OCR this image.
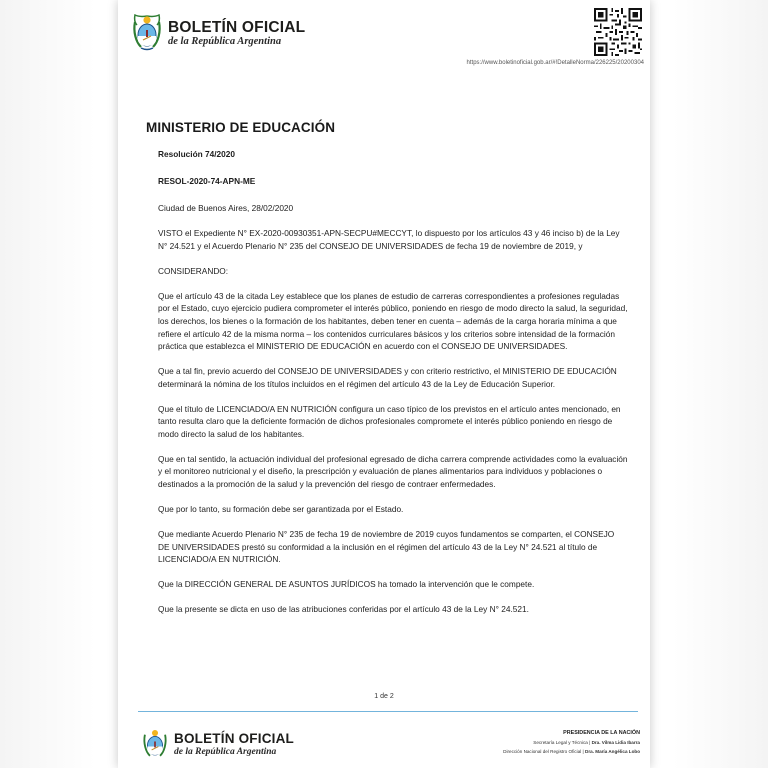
BOLETÍN OFICIAL
de la República Argentina
https://www.boletinoficial.gob.ar/#!DetalleNorma/226225/20200304
MINISTERIO DE EDUCACIÓN

Resolución 74/2020

RESOL-2020-74-APN-ME

Ciudad de Buenos Aires, 28/02/2020

VISTO el Expediente N° EX-2020-00930351-APN-SECPU#MECCYT, lo dispuesto por los artículos 43 y 46 inciso b) de la Ley N° 24.521 y el Acuerdo Plenario N° 235 del CONSEJO DE UNIVERSIDADES de fecha 19 de noviembre de 2019, y

CONSIDERANDO:

Que el artículo 43 de la citada Ley establece que los planes de estudio de carreras correspondientes a profesiones reguladas por el Estado, cuyo ejercicio pudiera comprometer el interés público, poniendo en riesgo de modo directo la salud, la seguridad, los derechos, los bienes o la formación de los habitantes, deben tener en cuenta – además de la carga horaria mínima a que refiere el artículo 42 de la misma norma – los contenidos curriculares básicos y los criterios sobre intensidad de la formación práctica que establezca el MINISTERIO DE EDUCACIÓN en acuerdo con el CONSEJO DE UNIVERSIDADES.

Que a tal fin, previo acuerdo del CONSEJO DE UNIVERSIDADES y con criterio restrictivo, el MINISTERIO DE EDUCACIÓN determinará la nómina de los títulos incluidos en el régimen del artículo 43 de la Ley de Educación Superior.

Que el título de LICENCIADO/A EN NUTRICIÓN configura un caso típico de los previstos en el artículo antes mencionado, en tanto resulta claro que la deficiente formación de dichos profesionales compromete el interés público poniendo en riesgo de modo directo la salud de los habitantes.

Que en tal sentido, la actuación individual del profesional egresado de dicha carrera comprende actividades como la evaluación y el monitoreo nutricional y el diseño, la prescripción y evaluación de planes alimentarios para individuos y poblaciones o destinados a la promoción de la salud y la prevención del riesgo de contraer enfermedades.

Que por lo tanto, su formación debe ser garantizada por el Estado.

Que mediante Acuerdo Plenario N° 235 de fecha 19 de noviembre de 2019 cuyos fundamentos se comparten, el CONSEJO DE UNIVERSIDADES prestó su conformidad a la inclusión en el régimen del artículo 43 de la Ley N° 24.521 al título de LICENCIADO/A EN NUTRICIÓN.

Que la DIRECCIÓN GENERAL DE ASUNTOS JURÍDICOS ha tomado la intervención que le compete.

Que la presente se dicta en uso de las atribuciones conferidas por el artículo 43 de la Ley N° 24.521.

1 de 2
BOLETÍN OFICIAL
de la República Argentina
PRESIDENCIA DE LA NACIÓN
Secretaría Legal y Técnica | Dra. Vilma Lidia Ibarra
Dirección Nacional del Registro Oficial | Dra. María Angélica Lobo
